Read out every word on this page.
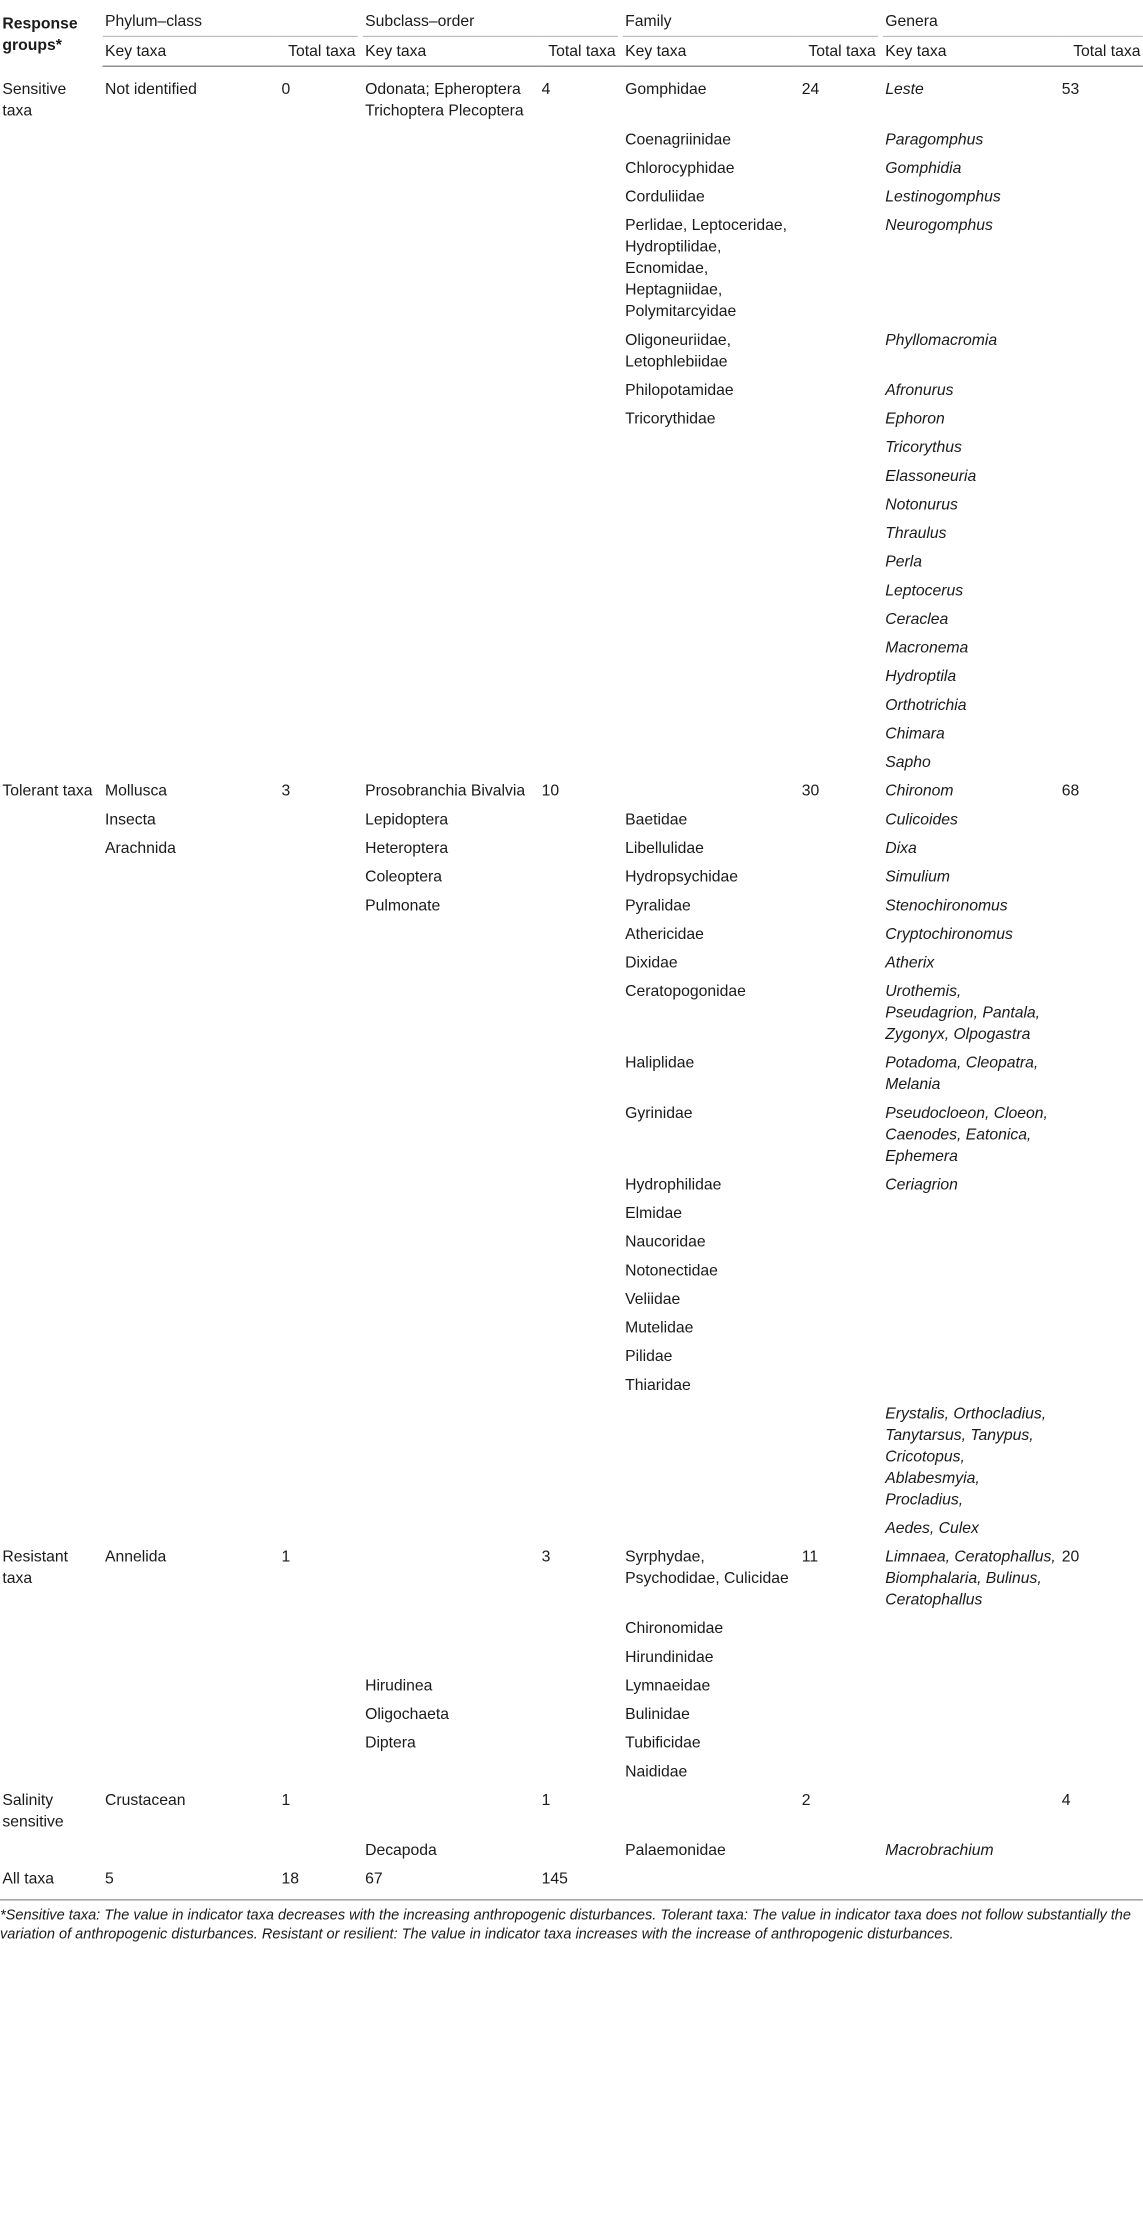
Response groups*	Phylum–class			Subclass–order			Family			Genera	
	Key taxa	Total taxa		Key taxa	Total taxa		Key taxa	Total taxa		Key taxa	Total taxa
Sensitive taxa	Not identified	0		Odonata; Epheroptera Trichoptera Plecoptera	4		Gomphidae	24		Leste	53
							Coenagriinidae			Paragomphus	
							Chlorocyphidae			Gomphidia	
							Corduliidae			Lestinogomphus	
							Perlidae, Leptoceridae, Hydroptilidae, Ecnomidae, Heptagniidae, Polymitarcyidae			Neurogomphus	
							Oligoneuriidae, Letophlebiidae			Phyllomacromia	
							Philopotamidae			Afronurus	
							Tricorythidae			Ephoron	
										Tricorythus	
										Elassoneuria	
										Notonurus	
										Thraulus	
										Perla	
										Leptocerus	
										Ceraclea	
										Macronema	
										Hydroptila	
										Orthotrichia	
										Chimara	
										Sapho	
Tolerant taxa	Mollusca	3		Prosobranchia Bivalvia	10			30		Chironom	68
	Insecta			Lepidoptera			Baetidae			Culicoides	
	Arachnida			Heteroptera			Libellulidae			Dixa	
				Coleoptera			Hydropsychidae			Simulium	
				Pulmonate			Pyralidae			Stenochironomus	
							Athericidae			Cryptochironomus	
							Dixidae			Atherix	
							Ceratopogonidae			Urothemis, Pseudagrion, Pantala, Zygonyx, Olpogastra	
							Haliplidae			Potadoma, Cleopatra, Melania	
							Gyrinidae			Pseudocloeon, Cloeon, Caenodes, Eatonica, Ephemera	
							Hydrophilidae			Ceriagrion	
							Elmidae				
							Naucoridae				
							Notonectidae				
							Veliidae				
							Mutelidae				
							Pilidae				
							Thiaridae				
										Erystalis, Orthocladius, Tanytarsus, Tanypus, Cricotopus, Ablabesmyia, Procladius,	
										Aedes, Culex	
Resistant taxa	Annelida	1			3		Syrphydae, Psychodidae, Culicidae	11		Limnaea, Ceratophallus, Biomphalaria, Bulinus, Ceratophallus	20
							Chironomidae				
							Hirundinidae				
				Hirudinea			Lymnaeidae				
				Oligochaeta			Bulinidae				
				Diptera			Tubificidae				
							Naididae				
Salinity sensitive	Crustacean	1			1			2			4
				Decapoda			Palaemonidae			Macrobrachium	
All taxa	5	18		67	145						
*Sensitive taxa: The value in indicator taxa decreases with the increasing anthropogenic disturbances. Tolerant taxa: The value in indicator taxa does not follow substantially the variation of anthropogenic disturbances. Resistant or resilient: The value in indicator taxa increases with the increase of anthropogenic disturbances.
